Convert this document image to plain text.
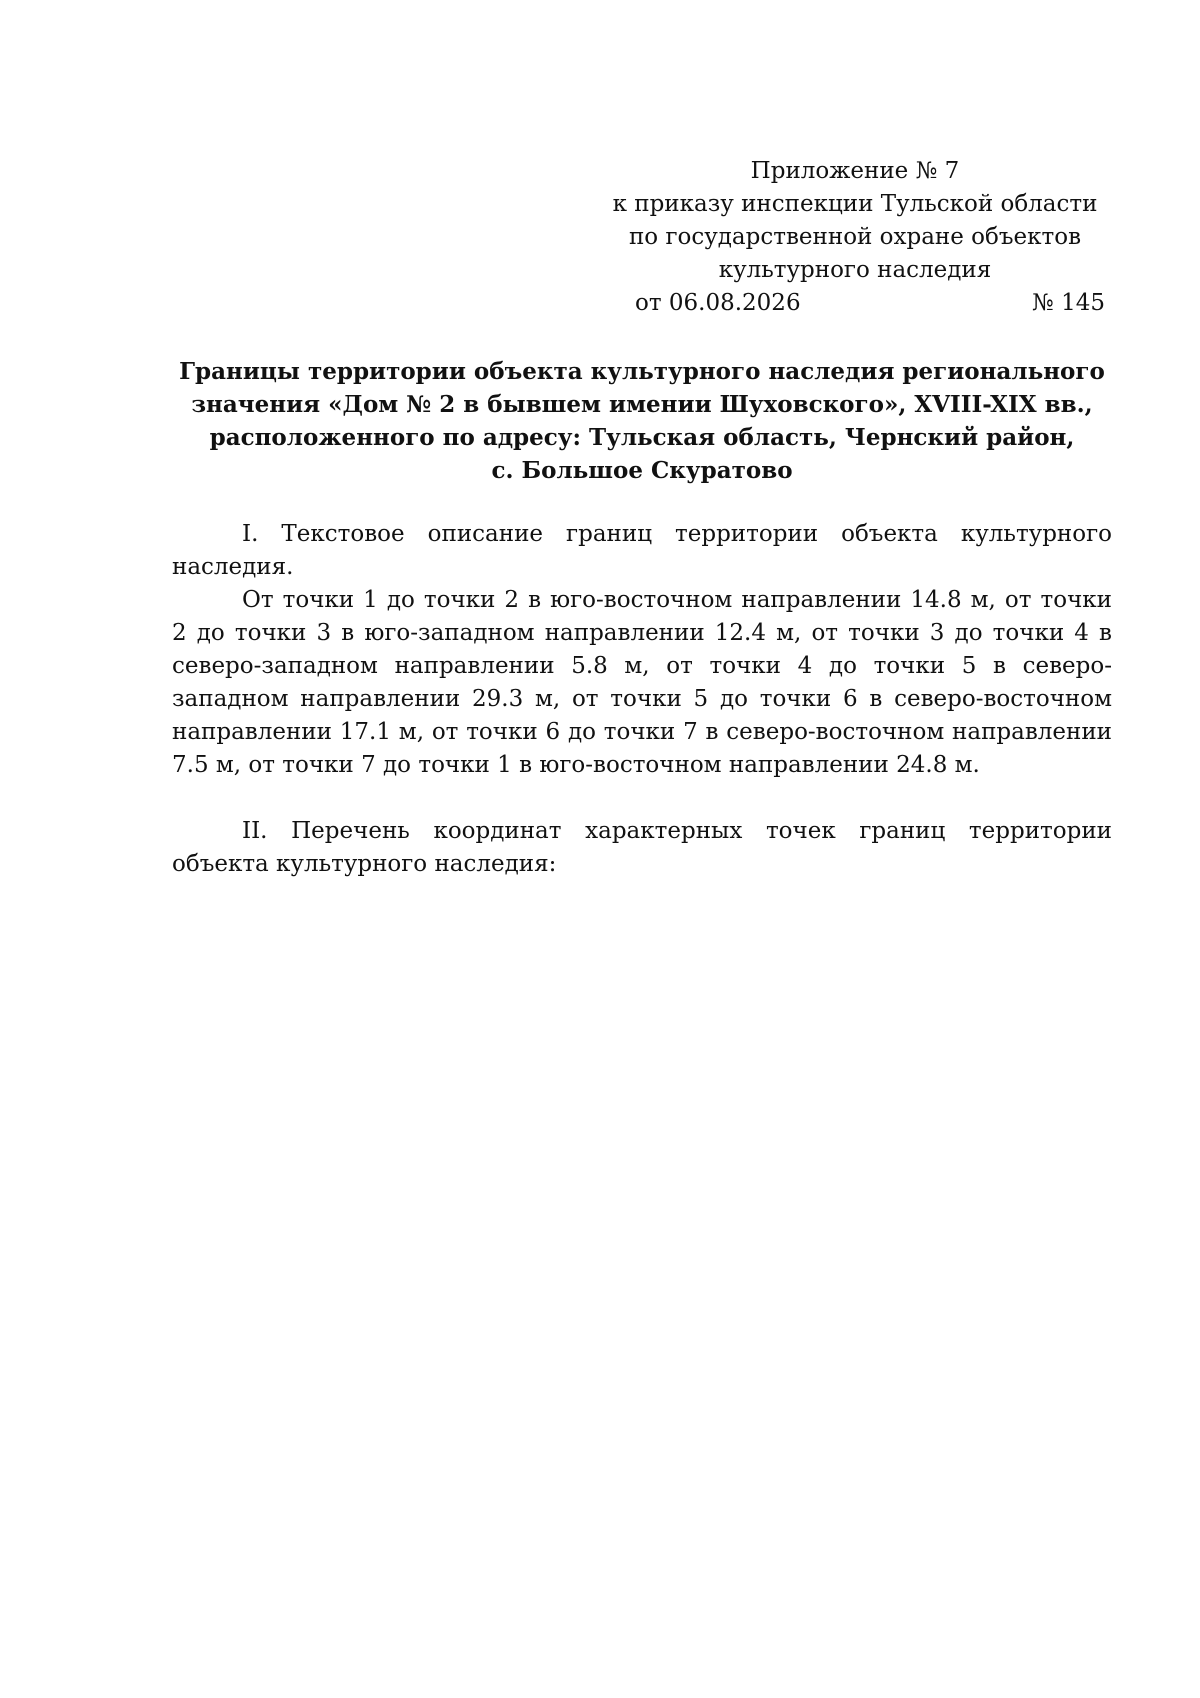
Приложение № 7
к приказу инспекции Тульской области
по государственной охране объектов
культурного наследия
от 06.08.2026	№ 145
Границы территории объекта культурного наследия регионального
значения «Дом № 2 в бывшем имении Шуховского», XVIII-XIX вв.,
расположенного по адресу: Тульская область, Чернский район,
с. Большое Скуратово

I. Текстовое описание границ территории объекта культурного наследия.

От точки 1 до точки 2 в юго-восточном направлении 14.8 м, от точки 2 до точки 3 в юго-западном направлении 12.4 м, от точки 3 до точки 4 в северо-западном направлении 5.8 м, от точки 4 до точки 5 в северо-западном направлении 29.3 м, от точки 5 до точки 6 в северо-восточном направлении 17.1 м, от точки 6 до точки 7 в северо-восточном направлении 7.5 м, от точки 7 до точки 1 в юго-восточном направлении 24.8 м.

II. Перечень координат характерных точек границ территории объекта культурного наследия:
